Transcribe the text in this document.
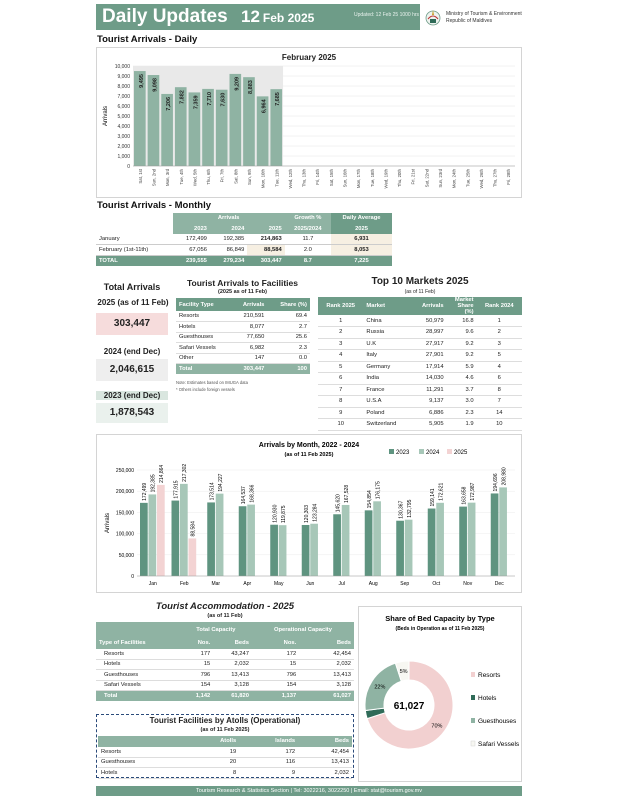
Daily Updates 12 Feb 2025	Updated: 12 Feb 25 1000 hrs	Ministry of Tourism & Environment
Republic of Maldives
Tourist Arrivals - Daily
February 2025
Arrivals
0
1,000
2,000
3,000
4,000
5,000
6,000
7,000
8,000
9,000
10,000
9,495 9,098
7,206 7,882 7,359 7,710 7,630
9,209 8,883
6,964
7,685
Sat, 1st Sun, 2nd Mon, 3rd Tue, 4th Wed, 5th Thu, 6th Fri, 7th Sat, 8th Sun, 9th Mon, 10th Tue, 11th Wed, 12th Thu, 13th Fri, 14th Sat, 15th Sun, 16th Mon, 17th Tue, 18th Wed, 19th Thu, 20th Fri, 21st Sat, 22nd Sun, 23rd Mon, 24th Tue, 25th Wed, 26th Thu, 27th Fri, 28th
Tourist Arrivals - Monthly
	Arrivals			Growth %	Daily Average
	2023	2024	2025	2025/2024	2025
January	172,499	192,385	214,863	11.7	6,931
February (1st-11th)	67,056	86,849	88,584	2.0	8,053
TOTAL	239,555	279,234	303,447	8.7	7,225
Total Arrivals
2025 (as of 11 Feb)
303,447
2024 (end Dec)
2,046,615
2023 (end Dec)
1,878,543
Tourist Arrivals to Facilities
(2025 as of 11 Feb)
Facility Type	Arrivals	Share (%)
Resorts	210,591	69.4
Hotels	8,077	2.7
Guesthouses	77,650	25.6
Safari Vessels	6,982	2.3
Other	147	0.0
Total	303,447	100
Note: Estimates based on IMUGA data
* Others include foreign vessels
Top 10 Markets 2025
(as of 11 Feb)
Rank 2025	Market	Arrivals	Market Share (%)	Rank 2024
1	China	50,979	16.8	1
2	Russia	28,997	9.6	2
3	U.K	27,917	9.2	3
4	Italy	27,901	9.2	5
5	Germany	17,914	5.9	4
6	India	14,030	4.6	6
7	France	11,291	3.7	8
8	U.S.A	9,137	3.0	7
9	Poland	6,886	2.3	14
10	Switzerland	5,905	1.9	10
Arrivals by Month, 2022 - 2024
(as of 11 Feb 2025)	2023	2024 2025
Arrivals
0
50,000
100,000
150,000
200,000
250,000
Jan
172,499 192,385
214,864
Feb
177,915
217,302
88,584
Mar
173,514 194,227
Apr
164,537 168,366
May
120,930 119,875
Jun
120,303 123,284
Jul
145,620
167,528
Aug
154,854
176,175
Sep
130,367 132,795
Oct
159,141 172,621
Nov
163,658 172,987
Dec
194,696 208,980
Tourist Accommodation - 2025
(as of 11 Feb)
	Total Capacity		Operational Capacity	
Type of Facilities	Nos.	Beds	Nos.	Beds
Resorts	177	43,247	172	42,454
Hotels	15	2,032	15	2,032
Guesthouses	796	13,413	796	13,413
Safari Vessels	154	3,128	154	3,128
Total	1,142	61,820	1,137	61,027
Tourist Facilities by Atolls (Operational)
(as of 11 Feb 2025)
	Atolls	Islands	Beds
Resorts	19	172	42,454
Guesthouses	20	116	13,413
Hotels	8	9	2,032
Share of Bed Capacity by Type
(Beds in Operation as of 11 Feb 2025)
70%
22%
5%
61,027
Resorts
Hotels
Guesthouses
Safari Vessels
Tourism Research & Statistics Section | Tel: 3022216, 3022250 | Email: stat@tourism.gov.mv
